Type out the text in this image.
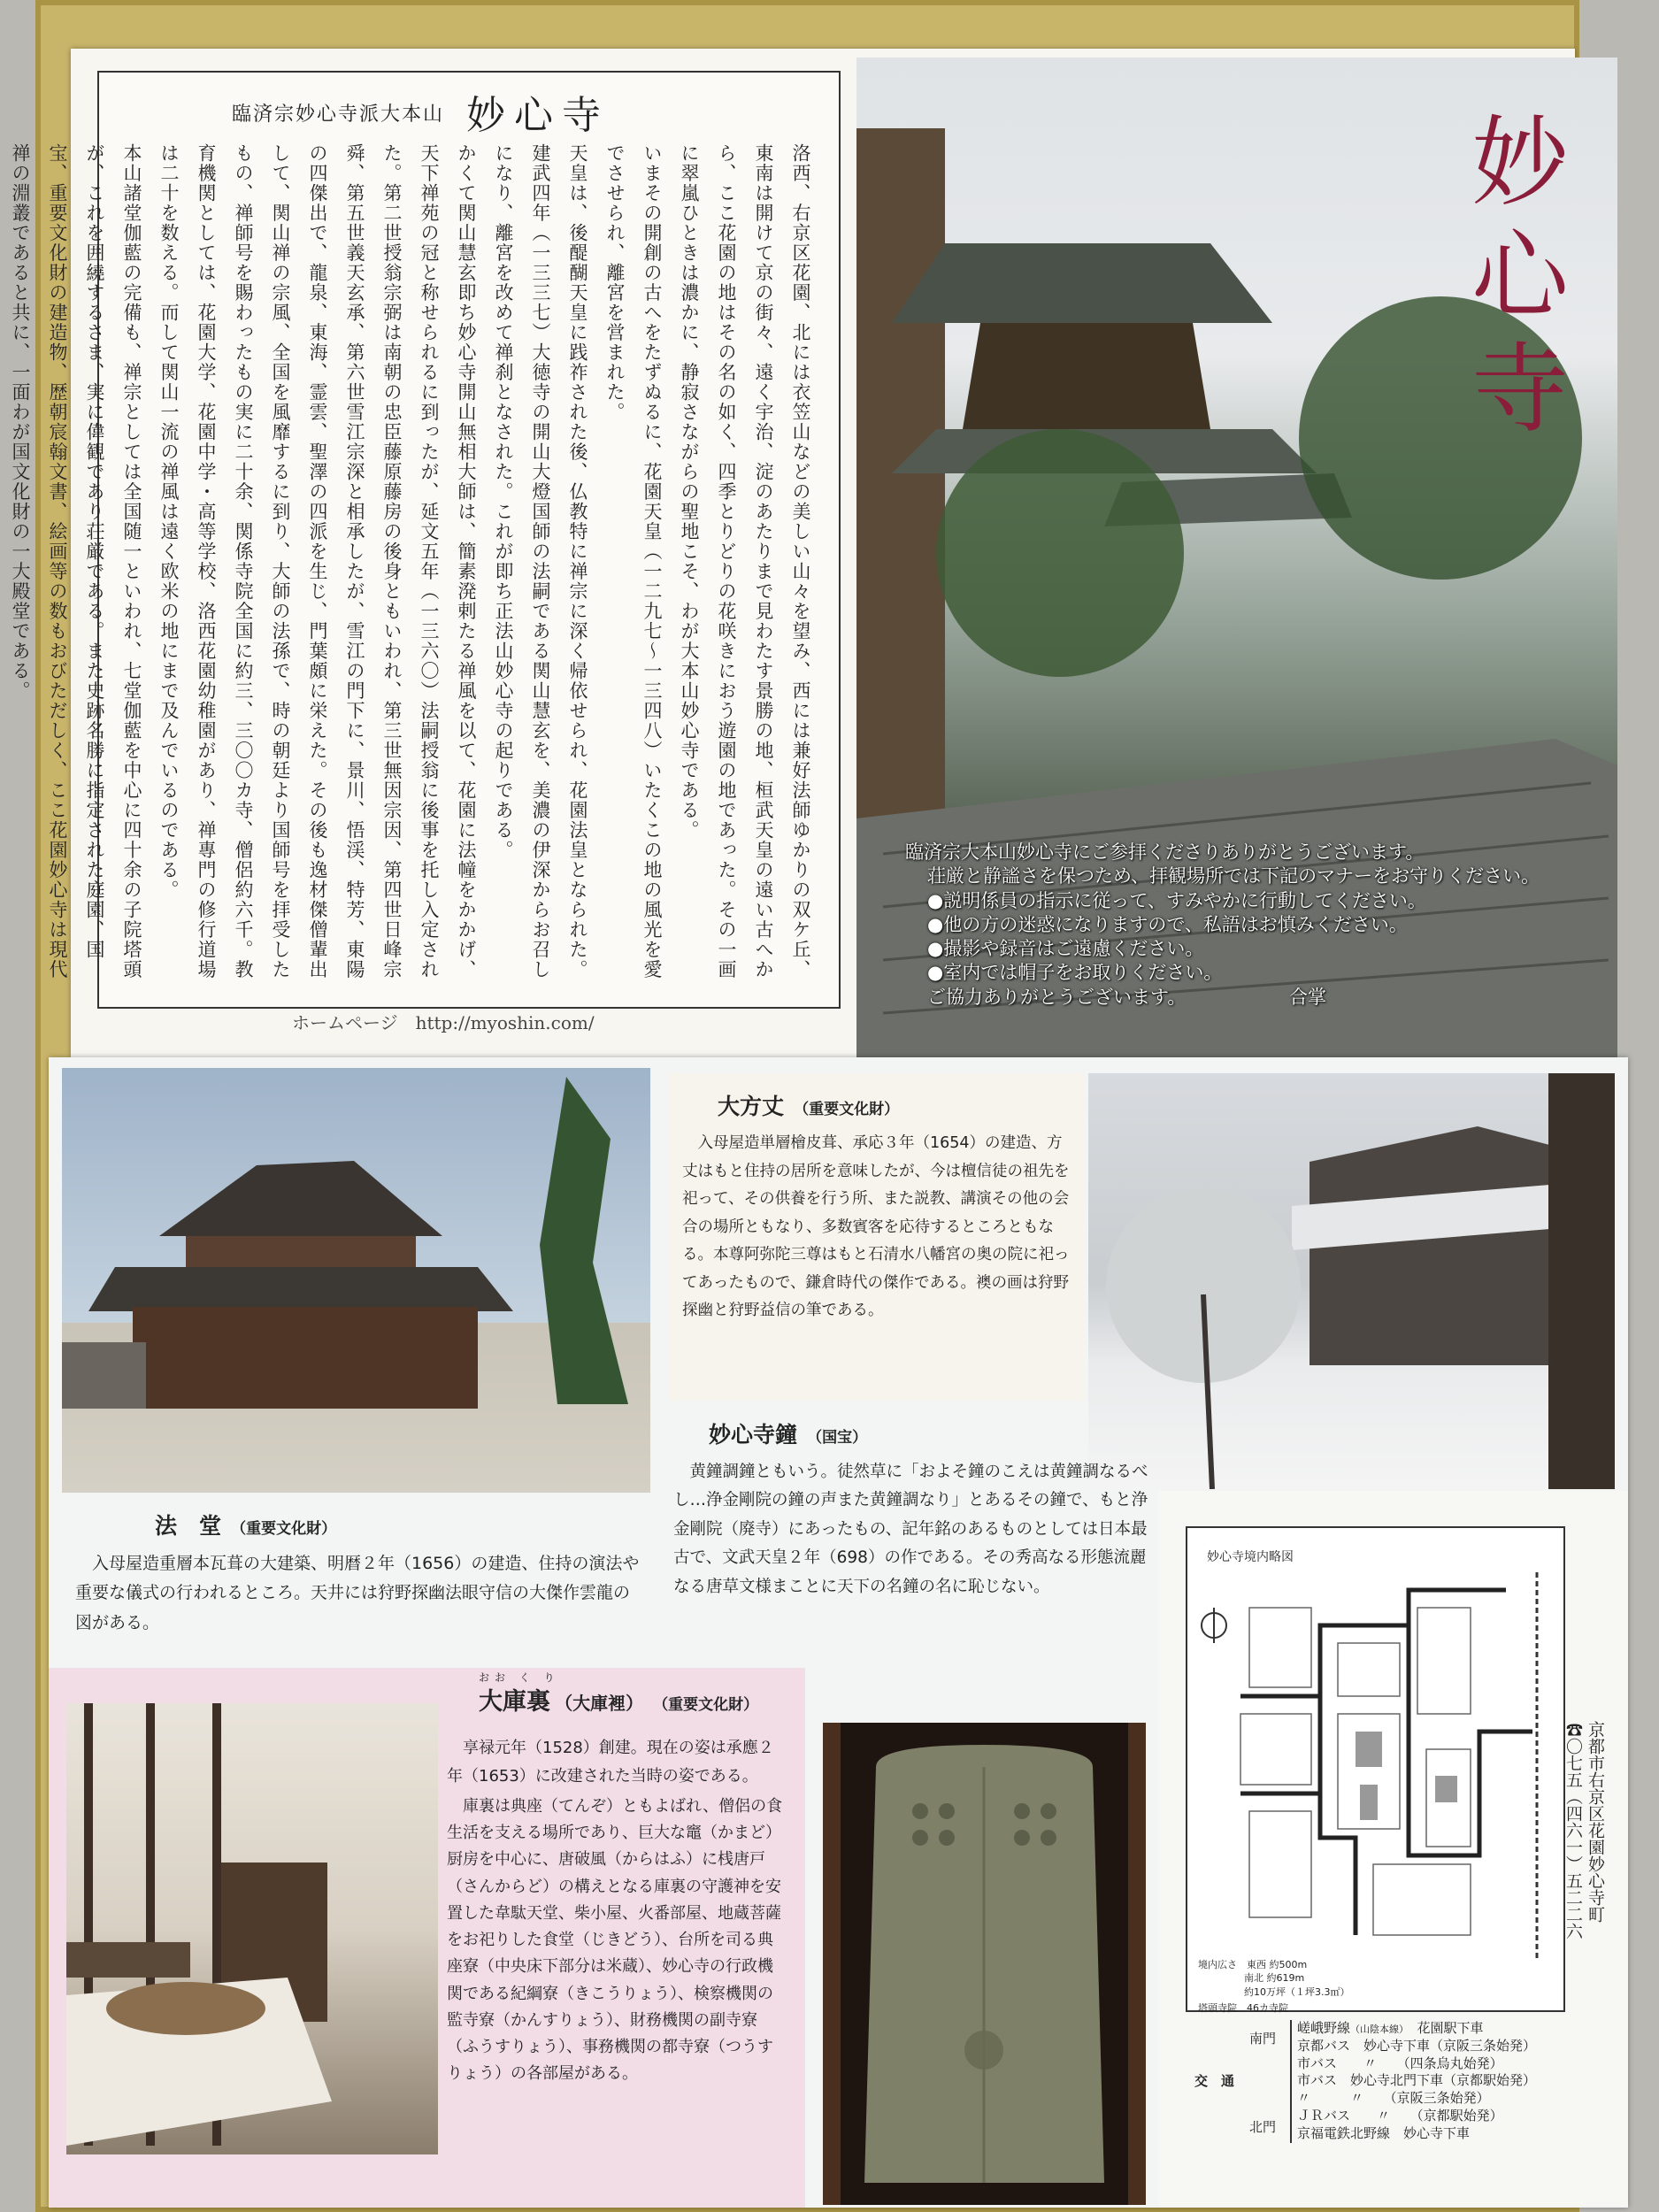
臨済宗妙心寺派大本山 妙心寺

洛西、右京区花園、北には衣笠山などの美しい山々を望み、西には兼好法師ゆかりの双ケ丘、東南は開けて京の街々、遠く宇治、淀のあたりまで見わたす景勝の地、桓武天皇の遠い古へから、ここ花園の地はその名の如く、四季とりどりの花咲きにおう遊園の地であった。その一画に翠嵐ひときは濃かに、静寂さながらの聖地こそ、わが大本山妙心寺である。

いまその開創の古へをたずぬるに、花園天皇（一二九七〜一三四八）いたくこの地の風光を愛でさせられ、離宮を営まれた。

天皇は、後醍醐天皇に践祚された後、仏教特に禅宗に深く帰依せられ、花園法皇となられた。建武四年（一三三七）大徳寺の開山大燈国師の法嗣である関山慧玄を、美濃の伊深からお召しになり、離宮を改めて禅刹となされた。これが即ち正法山妙心寺の起りである。

かくて関山慧玄即ち妙心寺開山無相大師は、簡素溌剌たる禅風を以て、花園に法幢をかかげ、天下禅苑の冠と称せられるに到ったが、延文五年（一三六〇）法嗣授翁に後事を托し入定された。第二世授翁宗弼は南朝の忠臣藤原藤房の後身ともいわれ、第三世無因宗因、第四世日峰宗舜、第五世義天玄承、第六世雪江宗深と相承したが、雪江の門下に、景川、悟渓、特芳、東陽の四傑出で、龍泉、東海、霊雲、聖澤の四派を生じ、門葉頗に栄えた。その後も逸材傑僧輩出して、関山禅の宗風、全国を風靡するに到り、大師の法孫で、時の朝廷より国師号を拝受したもの、禅師号を賜わったもの実に二十余、関係寺院全国に約三、三〇〇カ寺、僧侶約六千。教育機関としては、花園大学、花園中学・高等学校、洛西花園幼稚園があり、禅專門の修行道場は二十を数える。而して関山一流の禅風は遠く欧米の地にまで及んでいるのである。

本山諸堂伽藍の完備も、禅宗としては全国随一といわれ、七堂伽藍を中心に四十余の子院塔頭が、これを囲繞するさま、実に偉観であり荘厳である。また史跡名勝に指定された庭園、国宝、重要文化財の建造物、歴朝宸翰文書、絵画等の数もおびただしく、ここ花園妙心寺は現代禅の淵叢であると共に、一面わが国文化財の一大殿堂である。

ホームページ　http://myoshin.com/
妙心寺
臨済宗大本山妙心寺にご参拝くださりありがとうございます。
荘厳と静謐さを保つため、拝観場所では下記のマナーをお守りください。
●説明係員の指示に従って、すみやかに行動してください。
●他の方の迷惑になりますので、私語はお慎みください。
●撮影や録音はご遠慮ください。
●室内では帽子をお取りください。
ご協力ありがとうございます。	合掌
法　堂 （重要文化財）
入母屋造重層本瓦葺の大建築、明暦２年（1656）の建造、住持の演法や重要な儀式の行われるところ。天井には狩野探幽法眼守信の大傑作雲龍の図がある。
大方丈 （重要文化財）
入母屋造単層檜皮葺、承応３年（1654）の建造、方丈はもと住持の居所を意味したが、今は檀信徒の祖先を祀って、その供養を行う所、また説教、講演その他の会合の場所ともなり、多数賓客を応待するところともなる。本尊阿弥陀三尊はもと石清水八幡宮の奥の院に祀ってあったもので、鎌倉時代の傑作である。襖の画は狩野探幽と狩野益信の筆である。
妙心寺鐘 （国宝）
黄鐘調鐘ともいう。徒然草に「およそ鐘のこえは黄鐘調なるべし…浄金剛院の鐘の声また黄鐘調なり」とあるその鐘で、もと浄金剛院（廃寺）にあったもの、記年銘のあるものとしては日本最古で、文武天皇２年（698）の作である。その秀高なる形態流麗なる唐草文様まことに天下の名鐘の名に恥じない。
おお く り
大庫裏 （大庫裡） （重要文化財）
享禄元年（1528）創建。現在の姿は承應２年（1653）に改建された当時の姿である。
庫裏は典座（てんぞ）ともよばれ、僧侶の食生活を支える場所であり、巨大な竈（かまど）厨房を中心に、唐破風（からはふ）に桟唐戸（さんからど）の構えとなる庫裏の守護神を安置した韋駄天堂、柴小屋、火番部屋、地蔵菩薩をお祀りした食堂（じきどう）、台所を司る典座寮（中央床下部分は米蔵）、妙心寺の行政機関である紀綱寮（きこうりょう）、検察機関の監寺寮（かんすりょう）、財務機関の副寺寮（ふうすりょう）、事務機関の都寺寮（つうすりょう）の各部屋がある。
妙心寺境内略図
境内広さ　東西 約500m
南北 約619m
約10万坪（１坪3.3㎡）
塔頭寺院　46カ寺院
京都市右京区花園妙心寺町
☎〇七五（四六一）五二二六
交　通
南門
北門
嵯峨野線（山陰本線）　 花園駅下車
京都バス　 妙心寺下車（京阪三条始発）
市バス　　 〃　　 （四条烏丸始発）
市バス　 妙心寺北門下車（京都駅始発）
〃　　　	〃　　 （京阪三条始発）
ＪＲバス　　 〃　　 （京都駅始発）
京福電鉄北野線　 妙心寺下車
